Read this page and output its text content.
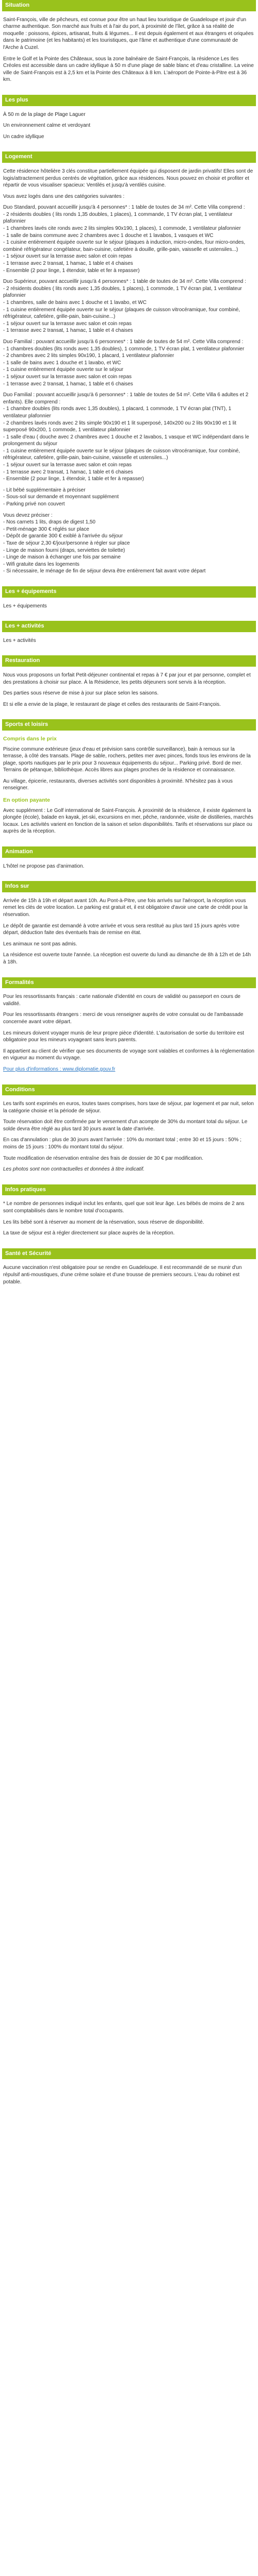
Situation

Saint-François, ville de pêcheurs, est connue pour être un haut lieu touristique de Guadeloupe et jouir d'un charme authentique. Son marché aux fruits et à l'air du port, à proximité de l'îlet, grâce à sa réalité de moquelle : poissons, épices, artisanat, fruits & légumes... Il est depuis également et aux étrangers et oriquées dans le patrimoine (et les habitants) et les touristiques, que l'âme et authentique d'une communauté de l'Arche à Cuzel.

Entre le Golf et la Pointe des Châteaux, sous la zone balnéaire de Saint-François, la résidence Les Iles Créoles est accessible dans un cadre idyllique à 50 m d'une plage de sable blanc et d'eau cristalline. La veine ville de Saint-François est à 2,5 km et la Pointe des Châteaux à 8 km. L'aéroport de Pointe-à-Pitre est à 36 km.

Les plus

À 50 m de la plage de Plage Laguer

Un environnement calme et verdoyant

Un cadre idyllique

Logement

Cette résidence hôtelière 3 clés constitue partiellement équipée qui disposent de jardin privatifs! Elles sont de logis/attractement perdus centrés de végétation, grâce aux résidences. Nous pouvez en choisir et profiter et répartir de vous visualiser spacieux: Ventilés et jusqu'à ventilés cuisine.

Vous avez logés dans une des catégories suivantes :

Duo Standard, pouvant accueillir jusqu'à 4 personnes* : 1 table de toutes de 34 m². Cette Villa comprend :
- 2 résidents doubles ( lits ronds 1,35 doubles, 1 places), 1 commande, 1 TV écran plat, 1 ventilateur plafonnier
- 1 chambres lavés cite ronds avec 2 lits simples 90x190, 1 places), 1 commode, 1 ventilateur plafonnier
- 1 salle de bains commune avec 2 chambres avec 1 douche et 1 lavabos, 1 vasques et WC
- 1 cuisine entièrement équipée ouverte sur le séjour (plaques à induction, micro-ondes, four micro-ondes, combiné réfrigérateur congélateur, bain-cuisine, cafetière à douille, grille-pain, vaisselle et ustensiles...)
- 1 séjour ouvert sur la terrasse avec salon et coin repas
- 1 terrasse avec 2 transat, 1 hamac, 1 table et 4 chaises
- Ensemble (2 pour linge, 1 étendoir, table et fer à repasser)

Duo Supérieur, pouvant accueillir jusqu'à 4 personnes* : 1 table de toutes de 34 m². Cette Villa comprend :
- 2 résidents doubles ( lits ronds avec 1,35 doubles, 1 places), 1 commode, 1 TV écran plat, 1 ventilateur plafonnier
- 1 chambres, salle de bains avec 1 douche et 1 lavabo, et WC
- 1 cuisine entièrement équipée ouverte sur le séjour (plaques de cuisson vitrocéramique, four combiné, réfrigérateur, cafetière, grille-pain, bain-cuisine...)
- 1 séjour ouvert sur la terrasse avec salon et coin repas
- 1 terrasse avec 2 transat, 1 hamac, 1 table et 4 chaises

Duo Familial : pouvant accueillir jusqu'à 6 personnes* : 1 table de toutes de 54 m². Cette Villa comprend :
- 1 chambres doubles (lits ronds avec 1,35 doubles), 1 commode, 1 TV écran plat, 1 ventilateur plafonnier
- 2 chambres avec 2 lits simples 90x190, 1 placard, 1 ventilateur plafonnier
- 1 salle de bains avec 1 douche et 1 lavabo, et WC
- 1 cuisine entièrement équipée ouverte sur le séjour
- 1 séjour ouvert sur la terrasse avec salon et coin repas
- 1 terrasse avec 2 transat, 1 hamac, 1 table et 6 chaises

Duo Familial : pouvant accueillir jusqu'à 6 personnes* : 1 table de toutes de 54 m². Cette Villa 6 adultes et 2 enfants). Elle comprend :
- 1 chambre doubles (lits ronds avec 1,35 doubles), 1 placard, 1 commode, 1 TV écran plat (TNT), 1 ventilateur plafonnier
- 2 chambres lavés ronds avec 2 lits simple 90x190 et 1 lit superposé, 140x200 ou 2 lits 90x190 et 1 lit superposé 90x200, 1 commode, 1 ventilateur plafonnier
- 1 salle d'eau ( douche avec 2 chambres avec 1 douche et 2 lavabos, 1 vasque et WC indépendant dans le prolongement du séjour
- 1 cuisine entièrement équipée ouverte sur le séjour (plaques de cuisson vitrocéramique, four combiné, réfrigérateur, cafetière, grille-pain, bain-cuisine, vaisselle et ustensiles...)
- 1 séjour ouvert sur la terrasse avec salon et coin repas
- 1 terrasse avec 2 transat, 1 hamac, 1 table et 6 chaises
- Ensemble (2 pour linge, 1 étendoir, 1 table et fer à repasser)

- Lit bébé supplémentaire à préciser
- Sous-sol sur demande et moyennant supplément
- Parking privé non couvert

Vous devez préciser :
- Nos carnets 1 lits, draps de digest 1,50
- Petit-ménage 300 € réglés sur place
- Dépôt de garantie 300 € exiblé à l'arrivée du séjour
- Taxe de séjour 2,30 €/jour/personne à régler sur place
- Linge de maison fourni (draps, serviettes de toilette)
- Linge de maison à échanger une fois par semaine
- Wifi gratuite dans les logements
- Si nécessaire, le ménage de fin de séjour devra être entièrement fait avant votre départ

Les + équipements

Les + équipements

Les + activités

Les + activités

Restauration

Nous vous proposons un forfait Petit-déjeuner continental et repas à 7 € par jour et par personne, complet et des prestations à choisir sur place. À la Résidence, les petits déjeuners sont servis à la réception.

Des parties sous réserve de mise à jour sur place selon les saisons.

Et si elle a envie de la plage, le restaurant de plage et celles des restaurants de Saint-François.

Sports et loisirs
Compris dans le prix

Piscine commune extérieure (jeux d'eau et prévision sans contrôle surveillance), bain à remous sur la terrasse, à côté des transats. Plage de sable, rochers, petites mer avec pinces, fonds tous les environs de la plage, sports nautiques par le prix pour 3 nouveaux équipements du séjour... Parking privé. Bord de mer. Terrains de pétanque, bibliothèque. Accès libres aux plages proches de la résidence et connaissance.

Au village, épicerie, restaurants, diverses activités sont disponibles à proximité. N'hésitez pas à vous renseigner.

En option payante

Avec supplément : Le Golf international de Saint-François. À proximité de la résidence, il existe également la plongée (école), balade en kayak, jet-ski, excursions en mer, pêche, randonnée, visite de distilleries, marchés locaux. Les activités varient en fonction de la saison et selon disponibilités. Tarifs et réservations sur place ou auprès de la réception.

Animation

L'hôtel ne propose pas d'animation.

Infos sur

Arrivée de 15h à 19h et départ avant 10h. Au Pont-à-Pitre, une fois arrivés sur l'aéroport, la réception vous remet les clés de votre location. Le parking est gratuit et, il est obligatoire d'avoir une carte de crédit pour la réservation.

Le dépôt de garantie est demandé à votre arrivée et vous sera restitué au plus tard 15 jours après votre départ, déduction faite des éventuels frais de remise en état.

Les animaux ne sont pas admis.

La résidence est ouverte toute l'année. La réception est ouverte du lundi au dimanche de 8h à 12h et de 14h à 18h.

Formalités

Pour les ressortissants français : carte nationale d'identité en cours de validité ou passeport en cours de validité.

Pour les ressortissants étrangers : merci de vous renseigner auprès de votre consulat ou de l'ambassade concernée avant votre départ.

Les mineurs doivent voyager munis de leur propre pièce d'identité. L'autorisation de sortie du territoire est obligatoire pour les mineurs voyageant sans leurs parents.

Il appartient au client de vérifier que ses documents de voyage sont valables et conformes à la réglementation en vigueur au moment du voyage.

Pour plus d'informations : www.diplomatie.gouv.fr

Conditions

Les tarifs sont exprimés en euros, toutes taxes comprises, hors taxe de séjour, par logement et par nuit, selon la catégorie choisie et la période de séjour.

Toute réservation doit être confirmée par le versement d'un acompte de 30% du montant total du séjour. Le solde devra être réglé au plus tard 30 jours avant la date d'arrivée.

En cas d'annulation : plus de 30 jours avant l'arrivée : 10% du montant total ; entre 30 et 15 jours : 50% ; moins de 15 jours : 100% du montant total du séjour.

Toute modification de réservation entraîne des frais de dossier de 30 € par modification.

Les photos sont non contractuelles et données à titre indicatif.

Infos pratiques

* Le nombre de personnes indiqué inclut les enfants, quel que soit leur âge. Les bébés de moins de 2 ans sont comptabilisés dans le nombre total d'occupants.

Les lits bébé sont à réserver au moment de la réservation, sous réserve de disponibilité.

La taxe de séjour est à régler directement sur place auprès de la réception.

Santé et Sécurité

Aucune vaccination n'est obligatoire pour se rendre en Guadeloupe. Il est recommandé de se munir d'un répulsif anti-moustiques, d'une crème solaire et d'une trousse de premiers secours. L'eau du robinet est potable.
